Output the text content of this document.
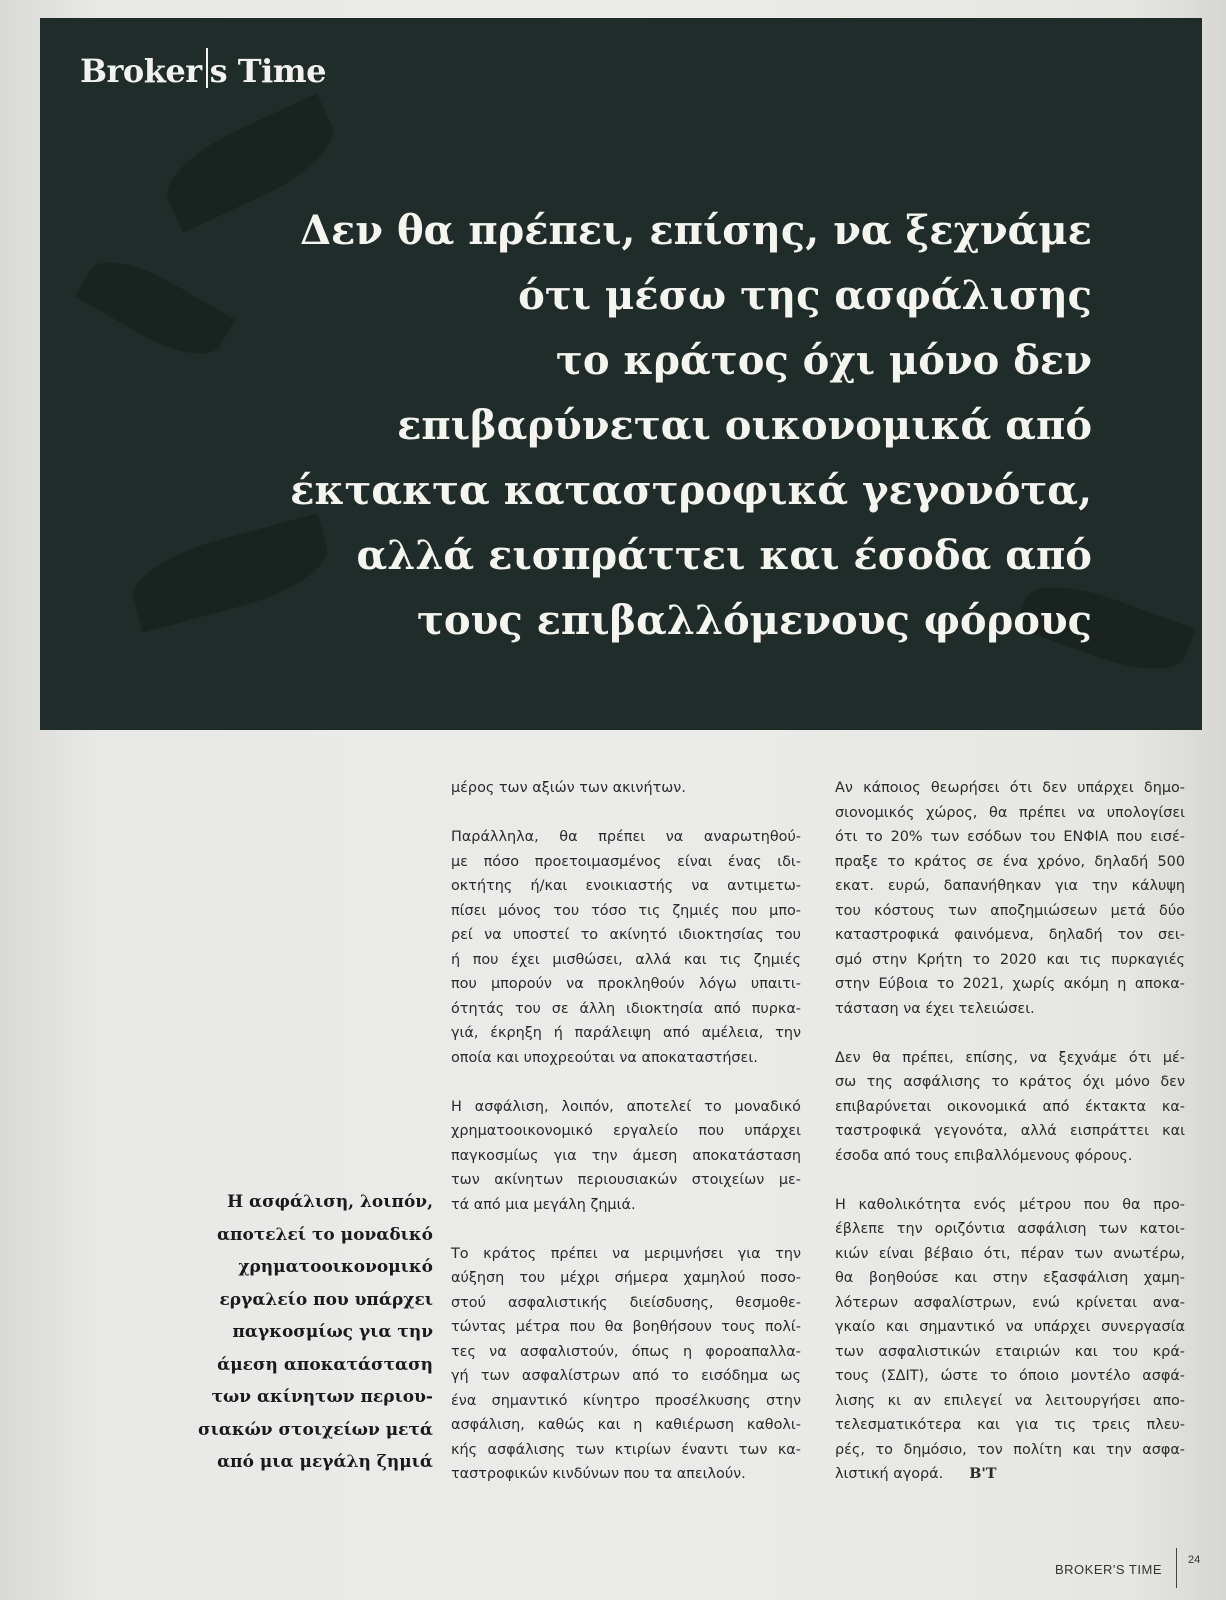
Broker s Time
Δεν θα πρέπει, επίσης, να ξεχνάμε
ότι μέσω της ασφάλισης
το κράτος όχι μόνο δεν
επιβαρύνεται οικονομικά από
έκτακτα καταστροφικά γεγονότα,
αλλά εισπράττει και έσοδα από
τους επιβαλλόμενους φόρους
Η ασφάλιση, λοιπόν,
αποτελεί το μοναδικό
χρηματοοικονομικό
εργαλείο που υπάρχει
παγκοσμίως για την
άμεση αποκατάσταση
των ακίνητων περιου-
σιακών στοιχείων μετά
από μια μεγάλη ζημιά

μέρος των αξιών των ακινήτων.

Παράλληλα, θα πρέπει να αναρωτηθού-
με πόσο προετοιμασμένος είναι ένας ιδι-
οκτήτης ή/και ενοικιαστής να αντιμετω-
πίσει μόνος του τόσο τις ζημιές που μπο-
ρεί να υποστεί το ακίνητό ιδιοκτησίας του
ή που έχει μισθώσει, αλλά και τις ζημιές
που μπορούν να προκληθούν λόγω υπαιτι-
ότητάς του σε άλλη ιδιοκτησία από πυρκα-
γιά, έκρηξη ή παράλειψη από αμέλεια, την
οποία και υποχρεούται να αποκαταστήσει.

Η ασφάλιση, λοιπόν, αποτελεί το μοναδικό
χρηματοοικονομικό εργαλείο που υπάρχει
παγκοσμίως για την άμεση αποκατάσταση
των ακίνητων περιουσιακών στοιχείων με-
τά από μια μεγάλη ζημιά.

Το κράτος πρέπει να μεριμνήσει για την
αύξηση του μέχρι σήμερα χαμηλού ποσο-
στού ασφαλιστικής διείσδυσης, θεσμοθε-
τώντας μέτρα που θα βοηθήσουν τους πολί-
τες να ασφαλιστούν, όπως η φοροαπαλλα-
γή των ασφαλίστρων από το εισόδημα ως
ένα σημαντικό κίνητρο προσέλκυσης στην
ασφάλιση, καθώς και η καθιέρωση καθολι-
κής ασφάλισης των κτιρίων έναντι των κα-
ταστροφικών κινδύνων που τα απειλούν.

Αν κάποιος θεωρήσει ότι δεν υπάρχει δημο-
σιονομικός χώρος, θα πρέπει να υπολογίσει
ότι το 20% των εσόδων του ΕΝΦΙΑ που εισέ-
πραξε το κράτος σε ένα χρόνο, δηλαδή 500
εκατ. ευρώ, δαπανήθηκαν για την κάλυψη
του κόστους των αποζημιώσεων μετά δύο
καταστροφικά φαινόμενα, δηλαδή τον σει-
σμό στην Κρήτη το 2020 και τις πυρκαγιές
στην Εύβοια το 2021, χωρίς ακόμη η αποκα-
τάσταση να έχει τελειώσει.

Δεν θα πρέπει, επίσης, να ξεχνάμε ότι μέ-
σω της ασφάλισης το κράτος όχι μόνο δεν
επιβαρύνεται οικονομικά από έκτακτα κα-
ταστροφικά γεγονότα, αλλά εισπράττει και
έσοδα από τους επιβαλλόμενους φόρους.

Η καθολικότητα ενός μέτρου που θα προ-
έβλεπε την οριζόντια ασφάλιση των κατοι-
κιών είναι βέβαιο ότι, πέραν των ανωτέρω,
θα βοηθούσε και στην εξασφάλιση χαμη-
λότερων ασφαλίστρων, ενώ κρίνεται ανα-
γκαίο και σημαντικό να υπάρχει συνεργασία
των ασφαλιστικών εταιριών και του κρά-
τους (ΣΔΙΤ), ώστε το όποιο μοντέλο ασφά-
λισης κι αν επιλεγεί να λειτουργήσει απο-
τελεσματικότερα και για τις τρεις πλευ-
ρές, το δημόσιο, τον πολίτη και την ασφα-
λιστική αγορά. B'T

BROKER'S TIME
24
